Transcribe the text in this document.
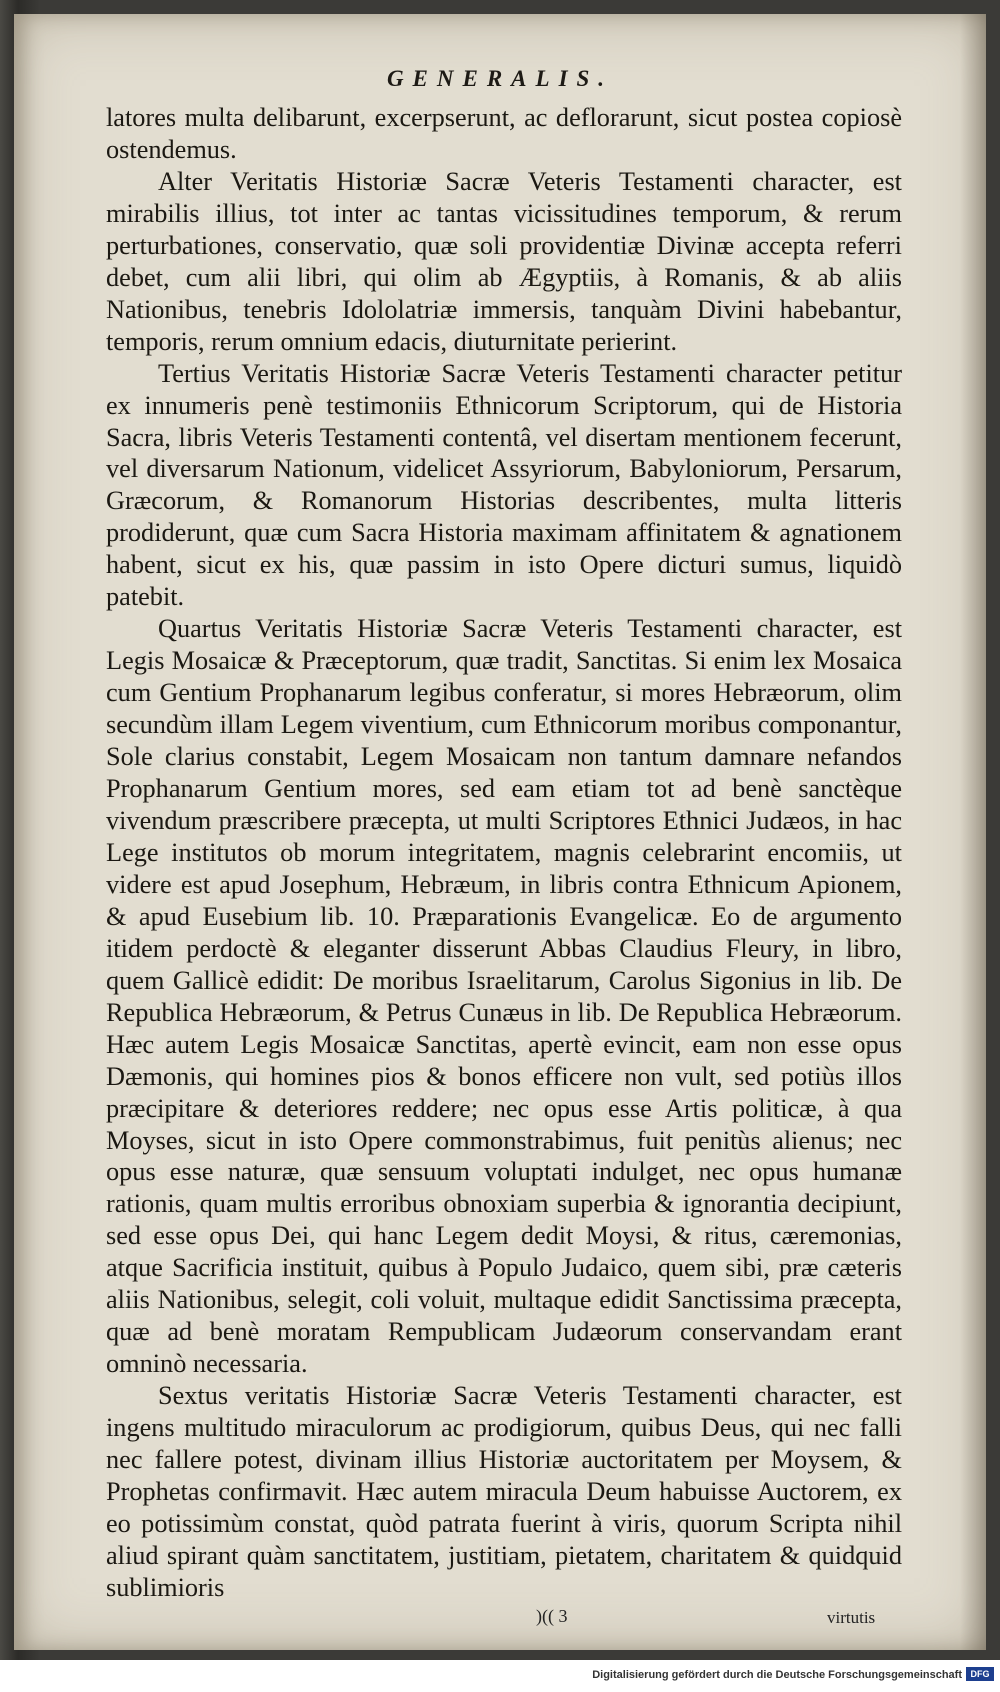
GENERALIS.

latores multa delibarunt, excerpserunt, ac deflorarunt, sicut postea copiosè ostendemus.

Alter Veritatis Historiæ Sacræ Veteris Testamenti character, est mirabilis illius, tot inter ac tantas vicissitudines temporum, & rerum perturbationes, conservatio, quæ soli providentiæ Divinæ accepta referri debet, cum alii libri, qui olim ab Ægyptiis, à Romanis, & ab aliis Nationibus, tenebris Idololatriæ immersis, tanquàm Divini habebantur, temporis, rerum omnium edacis, diuturnitate perierint.

Tertius Veritatis Historiæ Sacræ Veteris Testamenti character petitur ex innumeris penè testimoniis Ethnicorum Scriptorum, qui de Historia Sacra, libris Veteris Testamenti contentâ, vel disertam mentionem fecerunt, vel diversarum Nationum, videlicet Assyriorum, Babyloniorum, Persarum, Græcorum, & Romanorum Historias describentes, multa litteris prodiderunt, quæ cum Sacra Historia maximam affinitatem & agnationem habent, sicut ex his, quæ passim in isto Opere dicturi sumus, liquidò patebit.

Quartus Veritatis Historiæ Sacræ Veteris Testamenti character, est Legis Mosaicæ & Præceptorum, quæ tradit, Sanctitas. Si enim lex Mosaica cum Gentium Prophanarum legibus conferatur, si mores Hebræorum, olim secundùm illam Legem viventium, cum Ethnicorum moribus componantur, Sole clarius constabit, Legem Mosaicam non tantum damnare nefandos Prophanarum Gentium mores, sed eam etiam tot ad benè sanctèque vivendum præscribere præcepta, ut multi Scriptores Ethnici Judæos, in hac Lege institutos ob morum integritatem, magnis celebrarint encomiis, ut videre est apud Josephum, Hebræum, in libris contra Ethnicum Apionem, & apud Eusebium lib. 10. Præparationis Evangelicæ. Eo de argumento itidem perdoctè & eleganter disserunt Abbas Claudius Fleury, in libro, quem Gallicè edidit: De moribus Israelitarum, Carolus Sigonius in lib. De Republica Hebræorum, & Petrus Cunæus in lib. De Republica Hebræorum. Hæc autem Legis Mosaicæ Sanctitas, apertè evincit, eam non esse opus Dæmonis, qui homines pios & bonos efficere non vult, sed potiùs illos præcipitare & deteriores reddere; nec opus esse Artis politicæ, à qua Moyses, sicut in isto Opere commonstrabimus, fuit penitùs alienus; nec opus esse naturæ, quæ sensuum voluptati indulget, nec opus humanæ rationis, quam multis erroribus obnoxiam superbia & ignorantia decipiunt, sed esse opus Dei, qui hanc Legem dedit Moysi, & ritus, cæremonias, atque Sacrificia instituit, quibus à Populo Judaico, quem sibi, præ cæteris aliis Nationibus, selegit, coli voluit, multaque edidit Sanctissima præcepta, quæ ad benè moratam Rempublicam Judæorum conservandam erant omninò necessaria.

Sextus veritatis Historiæ Sacræ Veteris Testamenti character, est ingens multitudo miraculorum ac prodigiorum, quibus Deus, qui nec falli nec fallere potest, divinam illius Historiæ auctoritatem per Moysem, & Prophetas confirmavit. Hæc autem miracula Deum habuisse Auctorem, ex eo potissimùm constat, quòd patrata fuerint à viris, quorum Scripta nihil aliud spirant quàm sanctitatem, justitiam, pietatem, charitatem & quidquid sublimioris

)(( 3	virtutis
Digitalisierung gefördert durch die Deutsche Forschungsgemeinschaft DFG
